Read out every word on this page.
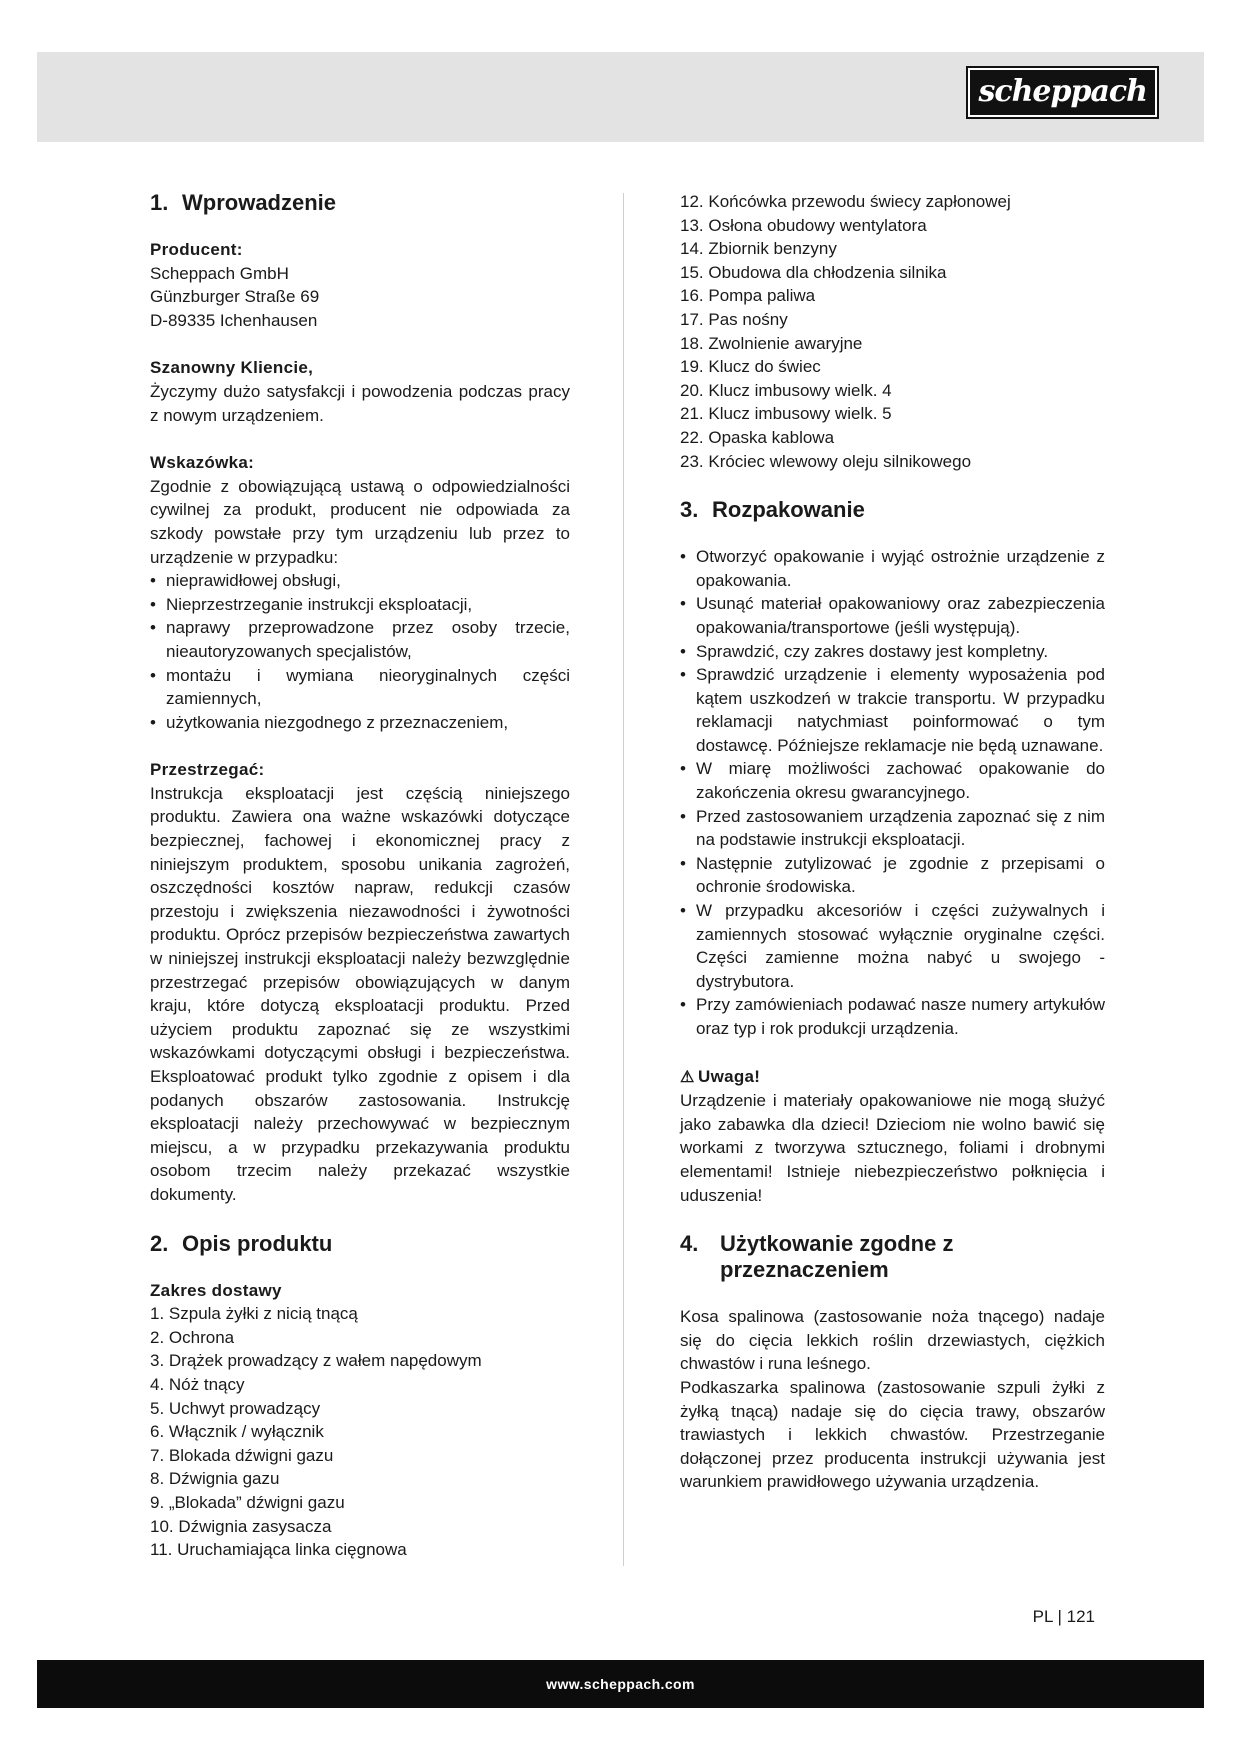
scheppach
1. Wprowadzenie
Producent:
Scheppach GmbH
Günzburger Straße 69
D-89335 Ichenhausen
Szanowny Kliencie,

Życzymy dużo satysfakcji i powodzenia podczas pracy z nowym urządzeniem.

Wskazówka:

Zgodnie z obowiązującą ustawą o odpowiedzialności cywilnej za produkt, producent nie odpowiada za szkody powstałe przy tym urządzeniu lub przez to urządzenie w przypadku:

• nieprawidłowej obsługi,
• Nieprzestrzeganie instrukcji eksploatacji,
• naprawy przeprowadzone przez osoby trzecie, nieautoryzowanych specjalistów,
• montażu i wymiana nieoryginalnych części zamiennych,
• użytkowania niezgodnego z przeznaczeniem,
Przestrzegać:

Instrukcja eksploatacji jest częścią niniejszego produktu. Zawiera ona ważne wskazówki dotyczące bezpiecznej, fachowej i ekonomicznej pracy z niniejszym produktem, sposobu unikania zagrożeń, oszczędności kosztów napraw, redukcji czasów przestoju i zwiększenia niezawodności i żywotności produktu. Oprócz przepisów bezpieczeństwa zawartych w niniejszej instrukcji eksploatacji należy bezwzględnie przestrzegać przepisów obowiązujących w danym kraju, które dotyczą eksploatacji produktu. Przed użyciem produktu zapoznać się ze wszystkimi wskazówkami dotyczącymi obsługi i bezpieczeństwa. Eksploatować produkt tylko zgodnie z opisem i dla podanych obszarów zastosowania. Instrukcję eksploatacji należy przechowywać w bezpiecznym miejscu, a w przypadku przekazywania produktu osobom trzecim należy przekazać wszystkie dokumenty.

2. Opis produktu
Zakres dostawy
1. Szpula żyłki z nicią tnącą
2. Ochrona
3. Drążek prowadzący z wałem napędowym
4. Nóż tnący
5. Uchwyt prowadzący
6. Włącznik / wyłącznik
7. Blokada dźwigni gazu
8. Dźwignia gazu
9. „Blokada” dźwigni gazu
10. Dźwignia zasysacza
11. Uruchamiająca linka cięgnowa
12. Końcówka przewodu świecy zapłonowej
13. Osłona obudowy wentylatora
14. Zbiornik benzyny
15. Obudowa dla chłodzenia silnika
16. Pompa paliwa
17. Pas nośny
18. Zwolnienie awaryjne
19. Klucz do świec
20. Klucz imbusowy wielk. 4
21. Klucz imbusowy wielk. 5
22. Opaska kablowa
23. Króciec wlewowy oleju silnikowego
3. Rozpakowanie
• Otworzyć opakowanie i wyjąć ostrożnie urządzenie z opakowania.
• Usunąć materiał opakowaniowy oraz zabezpieczenia opakowania/transportowe (jeśli występują).
• Sprawdzić, czy zakres dostawy jest kompletny.
• Sprawdzić urządzenie i elementy wyposażenia pod kątem uszkodzeń w trakcie transportu. W przypadku reklamacji natychmiast poinformować o tym dostawcę. Późniejsze reklamacje nie będą uznawane.
• W miarę możliwości zachować opakowanie do zakończenia okresu gwarancyjnego.
• Przed zastosowaniem urządzenia zapoznać się z nim na podstawie instrukcji eksploatacji.
• Następnie zutylizować je zgodnie z przepisami o ochronie środowiska.
• W przypadku akcesoriów i części zużywalnych i zamiennych stosować wyłącznie oryginalne części. Części zamienne można nabyć u swojego -dystrybutora.
• Przy zamówieniach podawać nasze numery artykułów oraz typ i rok produkcji urządzenia.
⚠ Uwaga!

Urządzenie i materiały opakowaniowe nie mogą służyć jako zabawka dla dzieci! Dzieciom nie wolno bawić się workami z tworzywa sztucznego, foliami i drobnymi elementami! Istnieje niebezpieczeństwo połknięcia i uduszenia!

4. Użytkowanie zgodne z przeznaczeniem

Kosa spalinowa (zastosowanie noża tnącego) nadaje się do cięcia lekkich roślin drzewiastych, ciężkich chwastów i runa leśnego.

Podkaszarka spalinowa (zastosowanie szpuli żyłki z żyłką tnącą) nadaje się do cięcia trawy, obszarów trawiastych i lekkich chwastów. Przestrzeganie dołączonej przez producenta instrukcji używania jest warunkiem prawidłowego używania urządzenia.

PL | 121
www.scheppach.com
